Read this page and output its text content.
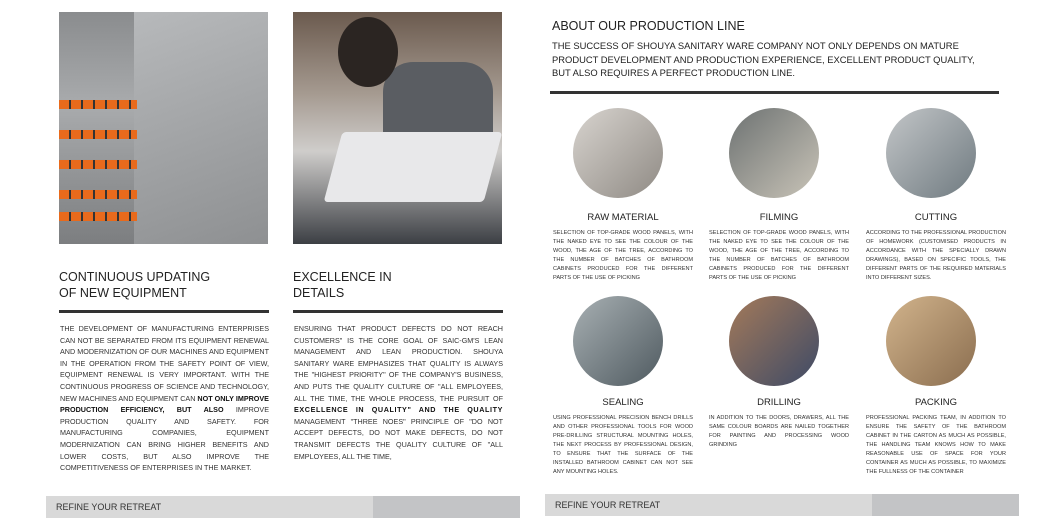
CONTINUOUS UPDATING
OF NEW EQUIPMENT
THE DEVELOPMENT OF MANUFACTURING ENTERPRISES CAN NOT BE SEPARATED FROM ITS EQUIPMENT RENEWAL AND MODERNIZATION OF OUR MACHINES AND EQUIPMENT IN THE OPERATION FROM THE SAFETY POINT OF VIEW, EQUIPMENT RENEWAL IS VERY IMPORTANT. WITH THE CONTINUOUS PROGRESS OF SCIENCE AND TECHNOLOGY, NEW MACHINES AND EQUIPMENT CAN NOT ONLY IMPROVE PRODUCTION EFFICIENCY, BUT ALSO IMPROVE PRODUCTION QUALITY AND SAFETY. FOR MANUFACTURING COMPANIES, EQUIPMENT MODERNIZATION CAN BRING HIGHER BENEFITS AND LOWER COSTS, BUT ALSO IMPROVE THE COMPETITIVENESS OF ENTERPRISES IN THE MARKET.
EXCELLENCE IN
DETAILS
ENSURING THAT PRODUCT DEFECTS DO NOT REACH CUSTOMERS" IS THE CORE GOAL OF SAIC-GM'S LEAN MANAGEMENT AND LEAN PRODUCTION. SHOUYA SANITARY WARE EMPHASIZES THAT QUALITY IS ALWAYS THE "HIGHEST PRIORITY" OF THE COMPANY'S BUSINESS, AND PUTS THE QUALITY CULTURE OF "ALL EMPLOYEES, ALL THE TIME, THE WHOLE PROCESS, THE PURSUIT OF EXCELLENCE IN QUALITY" AND THE QUALITY MANAGEMENT "THREE NOES" PRINCIPLE OF "DO NOT ACCEPT DEFECTS, DO NOT MAKE DEFECTS, DO NOT TRANSMIT DEFECTS THE QUALITY CULTURE OF "ALL EMPLOYEES, ALL THE TIME,
REFINE YOUR RETREAT
ABOUT OUR PRODUCTION LINE
THE SUCCESS OF SHOUYA SANITARY WARE COMPANY NOT ONLY DEPENDS ON MATURE PRODUCT DEVELOPMENT AND PRODUCTION EXPERIENCE, EXCELLENT PRODUCT QUALITY, BUT ALSO REQUIRES A PERFECT PRODUCTION LINE.
RAW MATERIAL
SELECTION OF TOP-GRADE WOOD PANELS, WITH THE NAKED EYE TO SEE THE COLOUR OF THE WOOD, THE AGE OF THE TREE, ACCORDING TO THE NUMBER OF BATCHES OF BATHROOM CABINETS PRODUCED FOR THE DIFFERENT PARTS OF THE USE OF PICKING
FILMING
SELECTION OF TOP-GRADE WOOD PANELS, WITH THE NAKED EYE TO SEE THE COLOUR OF THE WOOD, THE AGE OF THE TREE, ACCORDING TO THE NUMBER OF BATCHES OF BATHROOM CABINETS PRODUCED FOR THE DIFFERENT PARTS OF THE USE OF PICKING
CUTTING
ACCORDING TO THE PROFESSIONAL PRODUCTION OF HOMEWORK (CUSTOMISED PRODUCTS IN ACCORDANCE WITH THE SPECIALLY DRAWN DRAWINGS), BASED ON SPECIFIC TOOLS, THE DIFFERENT PARTS OF THE REQUIRED MATERIALS INTO DIFFERENT SIZES.
SEALING
USING PROFESSIONAL PRECISION BENCH DRILLS AND OTHER PROFESSIONAL TOOLS FOR WOOD PRE-DRILLING STRUCTURAL MOUNTING HOLES, THE NEXT PROCESS BY PROFESSIONAL DESIGN, TO ENSURE THAT THE SURFACE OF THE INSTALLED BATHROOM CABINET CAN NOT SEE ANY MOUNTING HOLES.
DRILLING
IN ADDITION TO THE DOORS, DRAWERS, ALL THE SAME COLOUR BOARDS ARE NAILED TOGETHER FOR PAINTING AND PROCESSING WOOD GRINDING
PACKING
PROFESSIONAL PACKING TEAM, IN ADDITION TO ENSURE THE SAFETY OF THE BATHROOM CABINET IN THE CARTON AS MUCH AS POSSIBLE, THE HANDLING TEAM KNOWS HOW TO MAKE REASONABLE USE OF SPACE FOR YOUR CONTAINER AS MUCH AS POSSIBLE, TO MAXIMIZE THE FULLNESS OF THE CONTAINER
REFINE YOUR RETREAT
